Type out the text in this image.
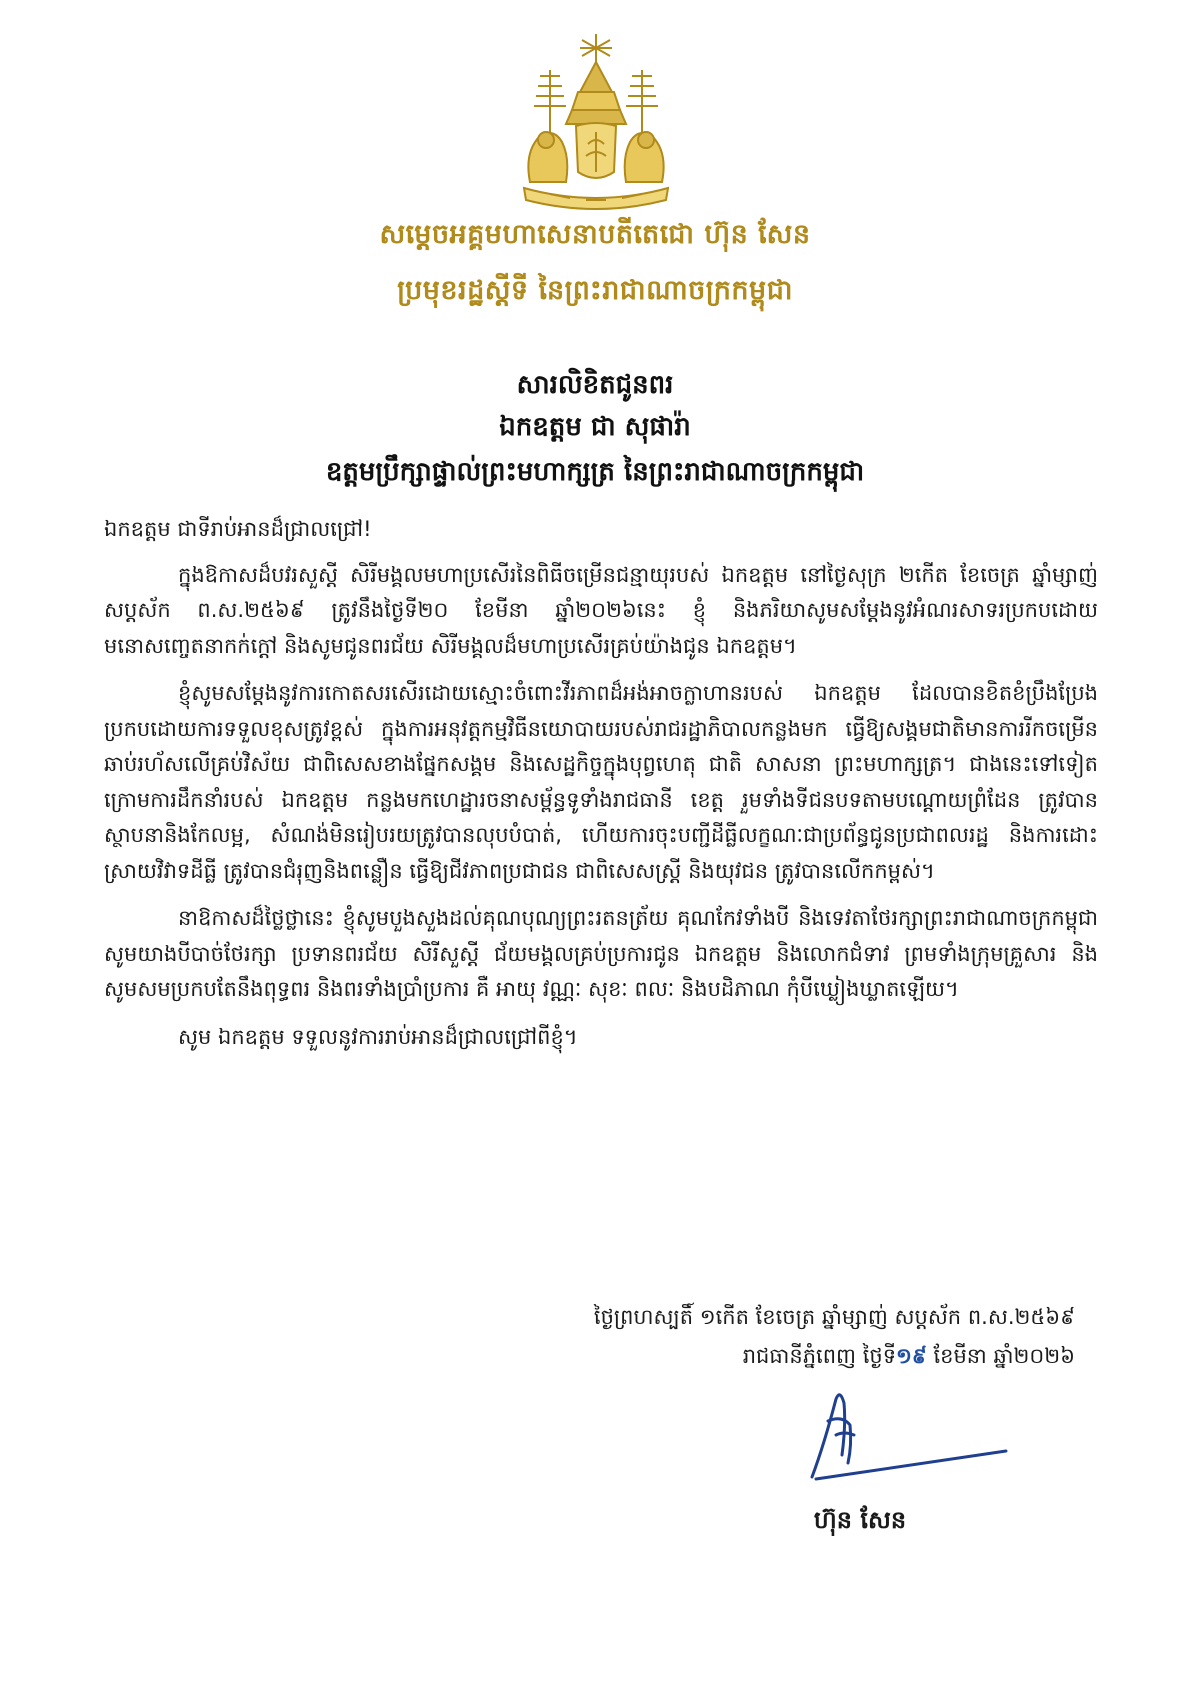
សម្តេចអគ្គមហាសេនាបតីតេជោ ហ៊ុន សែន
ប្រមុខរដ្ឋស្តីទី នៃព្រះរាជាណាចក្រកម្ពុជា
សារលិខិតជូនពរ
ឯកឧត្តម ជា សុផារ៉ា
ឧត្តមប្រឹក្សាផ្ទាល់ព្រះមហាក្សត្រ នៃព្រះរាជាណាចក្រកម្ពុជា

ឯកឧត្តម ជាទីរាប់អានដ៏ជ្រាលជ្រៅ!

ក្នុងឱកាសដ៏បវរសួស្តី សិរីមង្គលមហាប្រសើរនៃពិធីចម្រើនជន្មាយុរបស់ ឯកឧត្តម នៅថ្ងៃសុក្រ ២កើត ខែចេត្រ ឆ្នាំម្សាញ់ សប្តស័ក ព.ស.២៥៦៩ ត្រូវនឹងថ្ងៃទី២០ ខែមីនា ឆ្នាំ២០២៦នេះ ខ្ញុំ និងភរិយាសូមសម្តែងនូវអំណរសាទរប្រកបដោយមនោសញ្ចេតនាកក់ក្តៅ និងសូមជូនពរជ័យ សិរីមង្គលដ៏មហាប្រសើរគ្រប់យ៉ាងជូន ឯកឧត្តម។

ខ្ញុំសូមសម្តែងនូវការកោតសរសើរដោយស្មោះចំពោះវីរភាពដ៏អង់អាចក្លាហានរបស់ ឯកឧត្តម ដែលបានខិតខំប្រឹងប្រែងប្រកបដោយការទទួលខុសត្រូវខ្ពស់ ក្នុងការអនុវត្តកម្មវិធីនយោបាយរបស់រាជរដ្ឋាភិបាលកន្លងមក ធ្វើឱ្យសង្គមជាតិមានការរីកចម្រើនឆាប់រហ័សលើគ្រប់វិស័យ ជាពិសេសខាងផ្នែកសង្គម និងសេដ្ឋកិច្ចក្នុងបុព្វហេតុ ជាតិ សាសនា ព្រះមហាក្សត្រ។ ជាងនេះទៅទៀត ក្រោមការដឹកនាំរបស់ ឯកឧត្តម កន្លងមកហេដ្ឋារចនាសម្ព័ន្ធទូទាំងរាជធានី ខេត្ត រួមទាំងទីជនបទតាមបណ្តោយព្រំដែន ត្រូវបានស្ថាបនានិងកែលម្អ, សំណង់មិនរៀបរយត្រូវបានលុបបំបាត់, ហើយការចុះបញ្ជីដីធ្លីលក្ខណៈជាប្រព័ន្ធជូនប្រជាពលរដ្ឋ និងការដោះស្រាយវិវាទដីធ្លី ត្រូវបានជំរុញនិងពន្លឿន ធ្វើឱ្យជីវភាពប្រជាជន ជាពិសេសស្ត្រី និងយុវជន ត្រូវបានលើកកម្ពស់។

នាឱកាសដ៏ថ្លៃថ្លានេះ ខ្ញុំសូមបួងសួងដល់គុណបុណ្យព្រះរតនត្រ័យ គុណកែវទាំងបី និងទេវតាថែរក្សាព្រះរាជាណាចក្រកម្ពុជា សូមយាងបីបាច់ថែរក្សា ប្រទានពរជ័យ សិរីសួស្តី ជ័យមង្គលគ្រប់ប្រការជូន ឯកឧត្តម និងលោកជំទាវ ព្រមទាំងក្រុមគ្រួសារ និងសូមសមប្រកបតែនឹងពុទ្ធពរ និងពរទាំងប្រាំប្រការ គឺ អាយុ វណ្ណៈ សុខៈ ពលៈ និងបដិភាណ កុំបីឃ្លៀងឃ្លាតឡើយ។

សូម ឯកឧត្តម ទទួលនូវការរាប់អានដ៏ជ្រាលជ្រៅពីខ្ញុំ។

ថ្ងៃព្រហស្បតិ៍ ១កើត ខែចេត្រ ឆ្នាំម្សាញ់ សប្តស័ក ព.ស.២៥៦៩
រាជធានីភ្នំពេញ ថ្ងៃទី១៩ ខែមីនា ឆ្នាំ២០២៦
ហ៊ុន សែន
